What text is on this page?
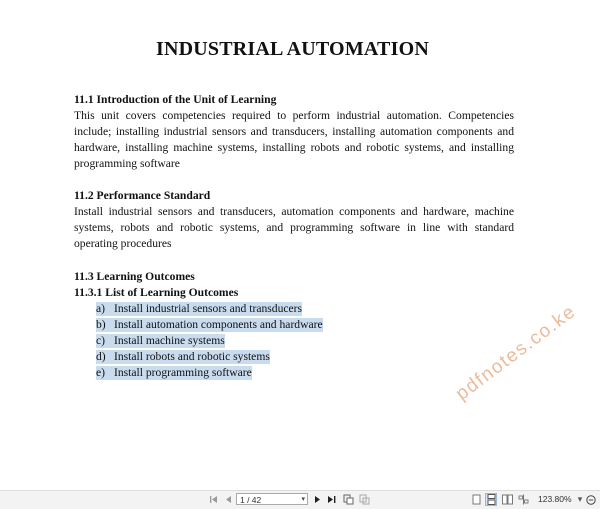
INDUSTRIAL AUTOMATION
11.1 Introduction of the Unit of Learning

This unit covers competencies required to perform industrial automation. Competencies include; installing industrial sensors and transducers, installing automation components and hardware, installing machine systems, installing robots and robotic systems, and installing programming software

11.2 Performance Standard

Install industrial sensors and transducers, automation components and hardware, machine systems, robots and robotic systems, and programming software in line with standard operating procedures

11.3 Learning Outcomes
11.3.1 List of Learning Outcomes
a) Install industrial sensors and transducers
b) Install automation components and hardware
c) Install machine systems
d) Install robots and robotic systems
e) Install programming software	pdfnotes.co.ke
1 / 42	▾	123.80% ▾
